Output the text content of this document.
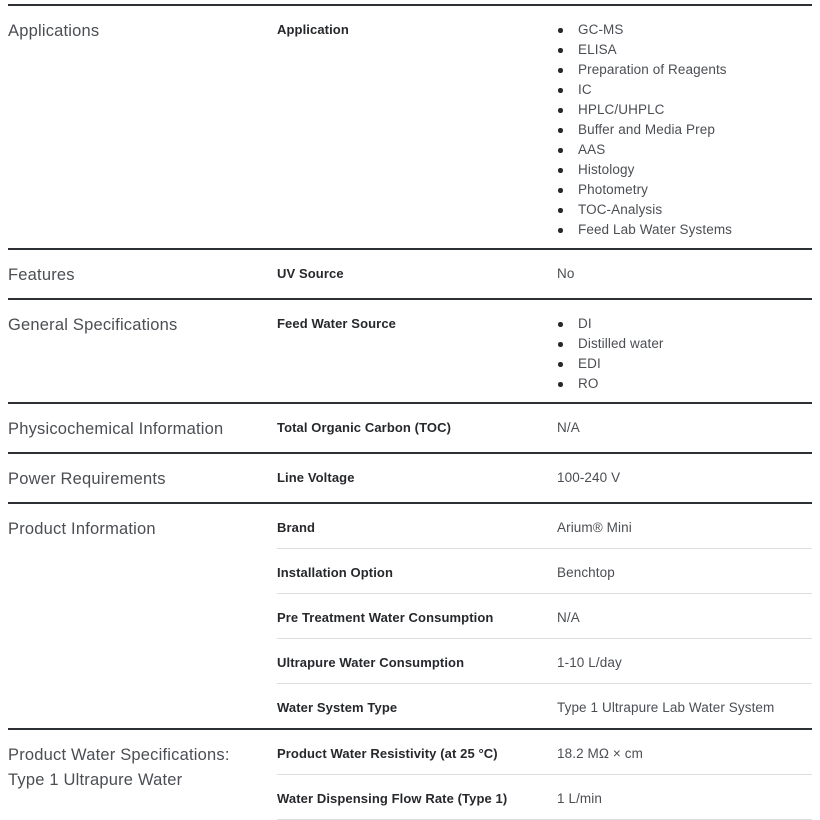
Applications	Application	GC-MS
ELISA
Preparation of Reagents
IC
HPLC/UHPLC
Buffer and Media Prep
AAS
Histology
Photometry
TOC-Analysis
Feed Lab Water Systems
Features	UV Source	No
General Specifications	Feed Water Source	DI
Distilled water
EDI
RO
Physicochemical Information	Total Organic Carbon (TOC)	N/A
Power Requirements	Line Voltage	100-240 V
Product Information	Brand	Arium® Mini
Installation Option	Benchtop
Pre Treatment Water Consumption	N/A
Ultrapure Water Consumption	1-10 L/day
Water System Type	Type 1 Ultrapure Lab Water System
Product Water Specifications: Type 1 Ultrapure Water
Product Water Resistivity (at 25 °C)	18.2 MΩ × cm
Water Dispensing Flow Rate (Type 1)	1 L/min
